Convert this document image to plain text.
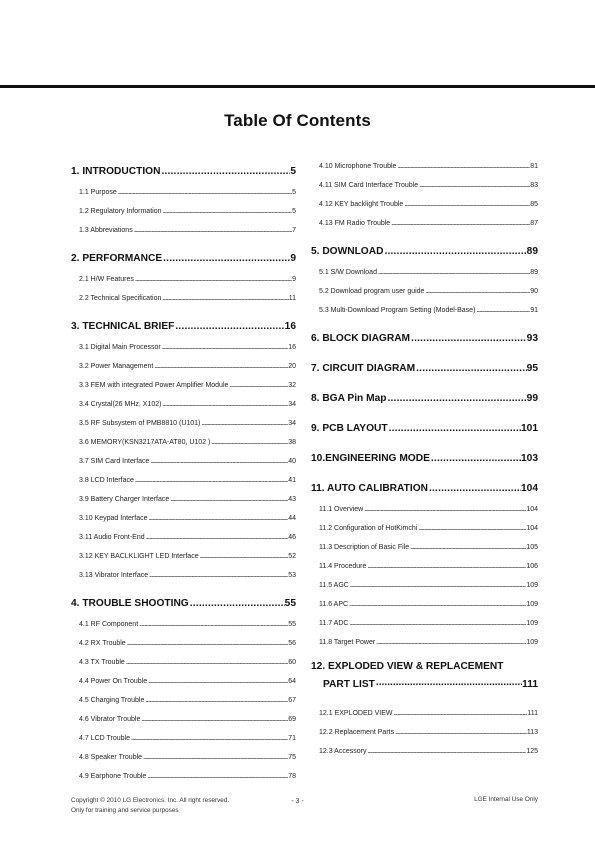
Table Of Contents
1. INTRODUCTION .....	5
1.1 Purpose .....	5
1.2 Regulatory Information .....	5
1.3 Abbreviations .....	7
2. PERFORMANCE .....	9
2.1 H/W Features .....	9
2.2 Technical Specification .....	11
3. TECHNICAL BRIEF .....	16
3.1 Digital Main Processor .....	16
3.2 Power Management .....	20
3.3 FEM with integrated Power Amplifier Module .....	32
3.4 Crystal(26 MHz, X102) .....	34
3.5 RF Subsystem of PMB8810 (U101) .....	34
3.6 MEMORY(KSN3217ATA-AT80, U102 ) .....	38
3.7 SIM Card Interface .....	40
3.8 LCD Interface .....	41
3.9 Battery Charger Interface .....	43
3.10 Keypad Interface .....	44
3.11 Audio Front-End .....	46
3.12 KEY BACLKLIGHT LED Interface .....	52
3.13 Vibrator Interface .....	53
4. TROUBLE SHOOTING .....	55
4.1 RF Component .....	55
4.2 RX Trouble .....	56
4.3 TX Trouble .....	60
4.4 Power On Trouble .....	64
4.5 Charging Trouble .....	67
4.6 Vibrator Trouble .....	69
4.7 LCD Trouble .....	71
4.8 Speaker Trouble .....	75
4.9 Earphone Trouble .....	78
4.10 Microphone Trouble .....	81
4.11 SIM Card Interface Trouble .....	83
4.12 KEY backlight Trouble .....	85
4.13 FM Radio Trouble .....	87
5. DOWNLOAD .....	89
5.1 S/W Download .....	89
5.2 Download program user guide .....	90
5.3 Multi-Download Program Setting (Model-Base) .....	91
6. BLOCK DIAGRAM .....	93
7. CIRCUIT DIAGRAM .....	95
8. BGA Pin Map .....	99
9. PCB LAYOUT .....	101
10.ENGINEERING MODE .....	103
11. AUTO CALIBRATION .....	104
11.1 Overview .....	104
11.2 Configuration of HotKimchi .....	104
11.3 Description of Basic File .....	105
11.4 Procedure .....	106
11.5 AGC .....	109
11.6 APC .....	109
11.7 ADC .....	109
11.8 Target Power .....	109
12. EXPLODED VIEW & REPLACEMENT
PART LIST .....	111
12.1 EXPLODED VIEW .....	111
12.2 Replacement Parts .....	113
12.3 Accessory .....	125
Copyright © 2010 LG Electronics. Inc. All right reserved.
Only for training and service purposes
- 3 -	LGE Internal Use Only
